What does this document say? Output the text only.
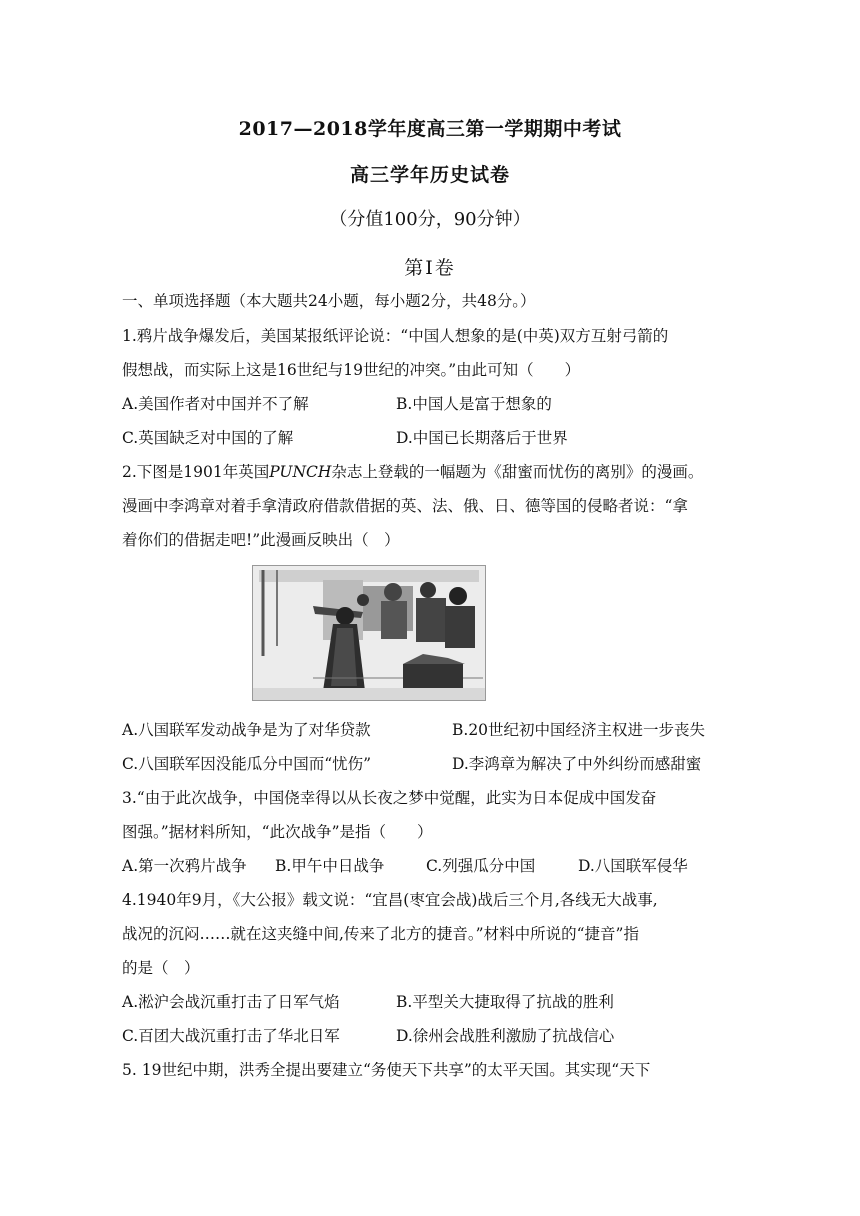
2017—2018学年度高三第一学期期中考试
高三学年历史试卷
（分值100分，90分钟）
第Ⅰ卷
一、单项选择题（本大题共24小题，每小题2分，共48分。）
1.鸦片战争爆发后，美国某报纸评论说：“中国人想象的是(中英)双方互射弓箭的
假想战，而实际上这是16世纪与19世纪的冲突。”由此可知（　　）
A.美国作者对中国并不了解	B.中国人是富于想象的
C.英国缺乏对中国的了解	D.中国已长期落后于世界
2.下图是1901年英国PUNCH杂志上登载的一幅题为《甜蜜而忧伤的离别》的漫画。
漫画中李鸿章对着手拿清政府借款借据的英、法、俄、日、德等国的侵略者说：“拿
着你们的借据走吧!”此漫画反映出（　）
A.八国联军发动战争是为了对华贷款	B.20世纪初中国经济主权进一步丧失
C.八国联军因没能瓜分中国而“忧伤”	D.李鸿章为解决了中外纠纷而感甜蜜
3.“由于此次战争，中国侥幸得以从长夜之梦中觉醒，此实为日本促成中国发奋
图强。”据材料所知，“此次战争”是指（　　）
A.第一次鸦片战争 B.甲午中日战争	C.列强瓜分中国	D.八国联军侵华
4.1940年9月，《大公报》载文说：“宜昌(枣宜会战)战后三个月,各线无大战事,
战况的沉闷……就在这夹缝中间,传来了北方的捷音。”材料中所说的“捷音”指
的是（　）
A.淞沪会战沉重打击了日军气焰	B.平型关大捷取得了抗战的胜利
C.百团大战沉重打击了华北日军	D.徐州会战胜利激励了抗战信心
5. 19世纪中期，洪秀全提出要建立“务使天下共享”的太平天国。其实现“天下
